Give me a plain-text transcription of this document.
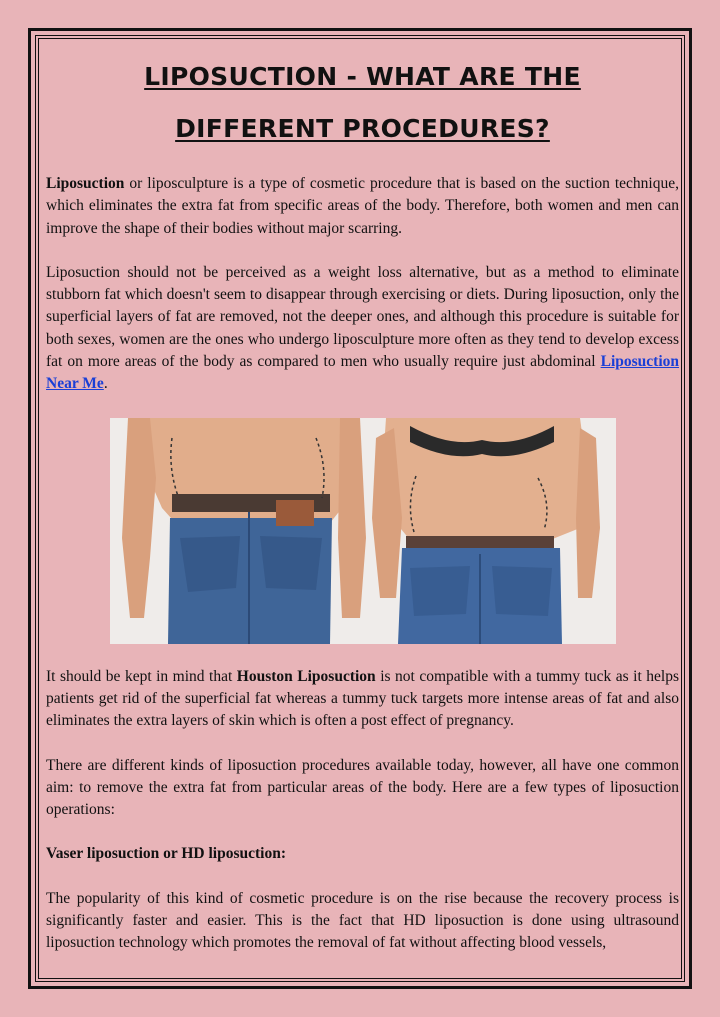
LIPOSUCTION - WHAT ARE THE
DIFFERENT PROCEDURES?

Liposuction or liposculpture is a type of cosmetic procedure that is based on the suction technique, which eliminates the extra fat from specific areas of the body. Therefore, both women and men can improve the shape of their bodies without major scarring.

Liposuction should not be perceived as a weight loss alternative, but as a method to eliminate stubborn fat which doesn't seem to disappear through exercising or diets. During liposuction, only the superficial layers of fat are removed, not the deeper ones, and although this procedure is suitable for both sexes, women are the ones who undergo liposculpture more often as they tend to develop excess fat on more areas of the body as compared to men who usually require just abdominal Liposuction Near Me.

It should be kept in mind that Houston Liposuction is not compatible with a tummy tuck as it helps patients get rid of the superficial fat whereas a tummy tuck targets more intense areas of fat and also eliminates the extra layers of skin which is often a post effect of pregnancy.

There are different kinds of liposuction procedures available today, however, all have one common aim: to remove the extra fat from particular areas of the body. Here are a few types of liposuction operations:

Vaser liposuction or HD liposuction:

The popularity of this kind of cosmetic procedure is on the rise because the recovery process is significantly faster and easier. This is the fact that HD liposuction is done using ultrasound liposuction technology which promotes the removal of fat without affecting blood vessels,
